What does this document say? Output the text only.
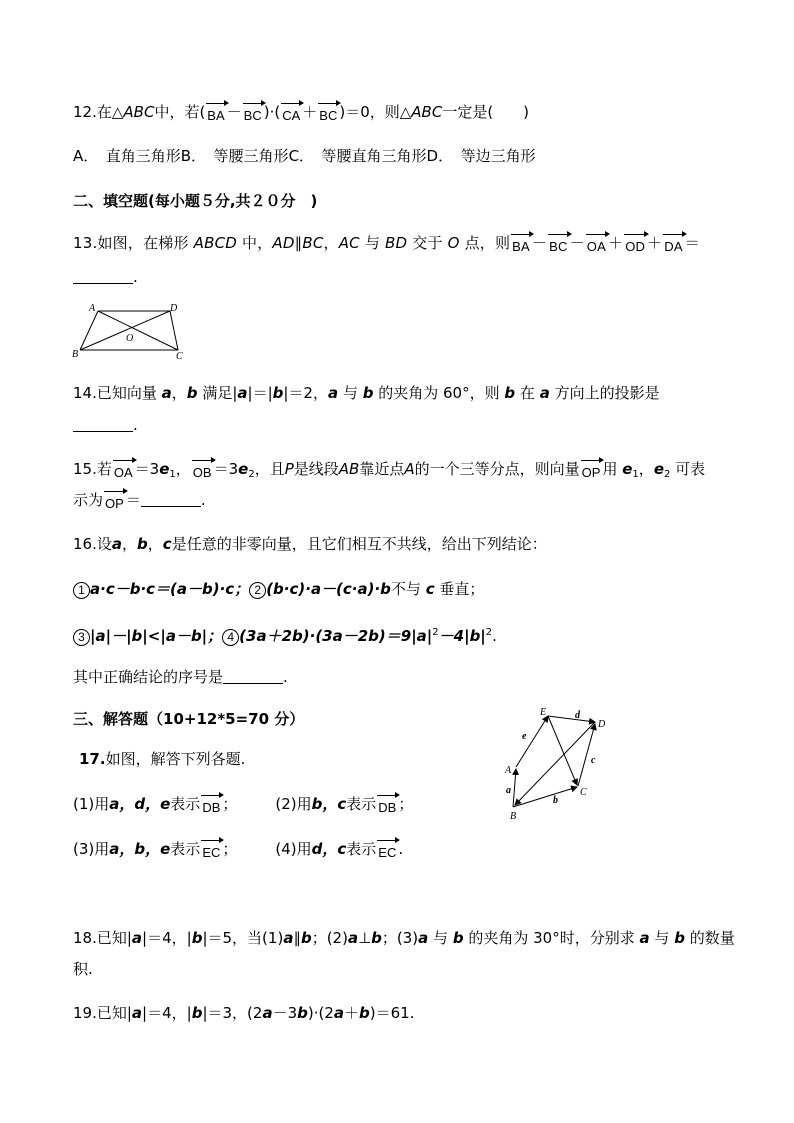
12.在△ABC中，若( BA － BC )·( CA ＋ BC )＝0，则△ABC一定是(　　)
A．　直角三角形B．　等腰三角形C．　等腰直角三角形D．　等边三角形
二、填空题(每小题５分,共２０分　)
13.如图，在梯形 ABCD 中，AD∥BC，AC 与 BD 交于 O 点，则 BA － BC － OA ＋ OD ＋ DA ＝
.
A	D
B	C
O
14.已知向量 a，b 满足|a|＝|b|＝2，a 与 b 的夹角为 60°，则 b 在 a 方向上的投影是
.
15.若 OA $=3e_1$， OB $=3e_2$，且P是线段AB靠近点A的一个三等分点，则向量 OP 用 $e_1$，$e_2$ 可表
示为 OP ＝	.
16.设a，b，c是任意的非零向量，且它们相互不共线，给出下列结论：
1 a·c－b·c＝(a－b)·c； 2 (b·c)·a－(c·a)·b不与 c 垂直；
3 |a|－|b|<|a－b|； 4 $(3a+2b)\cdot(3a-2b)=9|a|^2-4|b|^2$.
其中正确结论的序号是	.
三、解答题（10+12*5=70 分）
17.如图，解答下列各题.
(1)用a，d，e表示 DB ；	(2)用b，c表示 DB ；
(3)用a，b，e表示 EC ；	(4)用d，c表示 EC .
E
D
A
B
C
a
b
c
d
e
18.已知|a|＝4，|b|＝5，当(1)a∥b；(2)a⊥b；(3)a 与 b 的夹角为 30°时，分别求 a 与 b 的数量
积.
19.已知|a|＝4，|b|＝3，(2a－3b)·(2a＋b)＝61.
